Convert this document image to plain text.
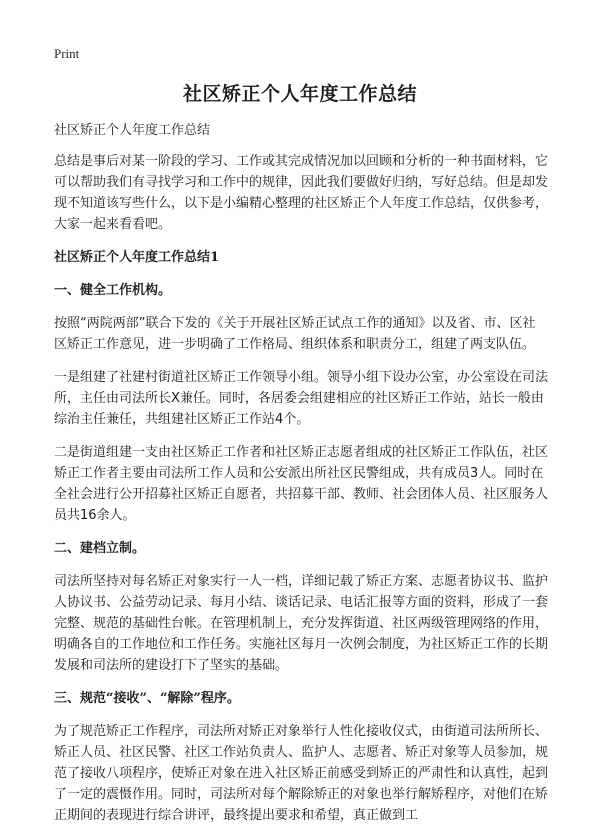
Print
社区矫正个人年度工作总结

社区矫正个人年度工作总结

总结是事后对某一阶段的学习、工作或其完成情况加以回顾和分析的一种书面材料，它可以帮助我们有寻找学习和工作中的规律，因此我们要做好归纳，写好总结。但是却发现不知道该写些什么，以下是小编精心整理的社区矫正个人年度工作总结，仅供参考，大家一起来看看吧。

社区矫正个人年度工作总结1

一、健全工作机构。

按照“两院两部”联合下发的《关于开展社区矫正试点工作的通知》以及省、市、区社区矫正工作意见，进一步明确了工作格局、组织体系和职责分工，组建了两支队伍。

一是组建了社建村街道社区矫正工作领导小组。领导小组下设办公室，办公室设在司法所，主任由司法所长X兼任。同时，各居委会组建相应的社区矫正工作站，站长一般由综治主任兼任，共组建社区矫正工作站4个。

二是街道组建一支由社区矫正工作者和社区矫正志愿者组成的社区矫正工作队伍，社区矫正工作者主要由司法所工作人员和公安派出所社区民警组成，共有成员3人。同时在全社会进行公开招募社区矫正自愿者，共招募干部、教师、社会团体人员、社区服务人员共16余人。

二、建档立制。

司法所坚持对每名矫正对象实行一人一档，详细记载了矫正方案、志愿者协议书、监护人协议书、公益劳动记录、每月小结、谈话记录、电话汇报等方面的资料，形成了一套完整、规范的基础性台帐。在管理机制上，充分发挥街道、社区两级管理网络的作用，明确各自的工作地位和工作任务。实施社区每月一次例会制度，为社区矫正工作的长期发展和司法所的建设打下了坚实的基础。

三、规范“接收”、“解除”程序。

为了规范矫正工作程序，司法所对矫正对象举行人性化接收仪式，由街道司法所所长、矫正人员、社区民警、社区工作站负责人、监护人、志愿者、矫正对象等人员参加，规范了接收八项程序，使矫正对象在进入社区矫正前感受到矫正的严肃性和认真性，起到了一定的震慑作用。同时，司法所对每个解除矫正的对象也举行解矫程序，对他们在矫正期间的表现进行综合讲评，最终提出要求和希望，真正做到工
